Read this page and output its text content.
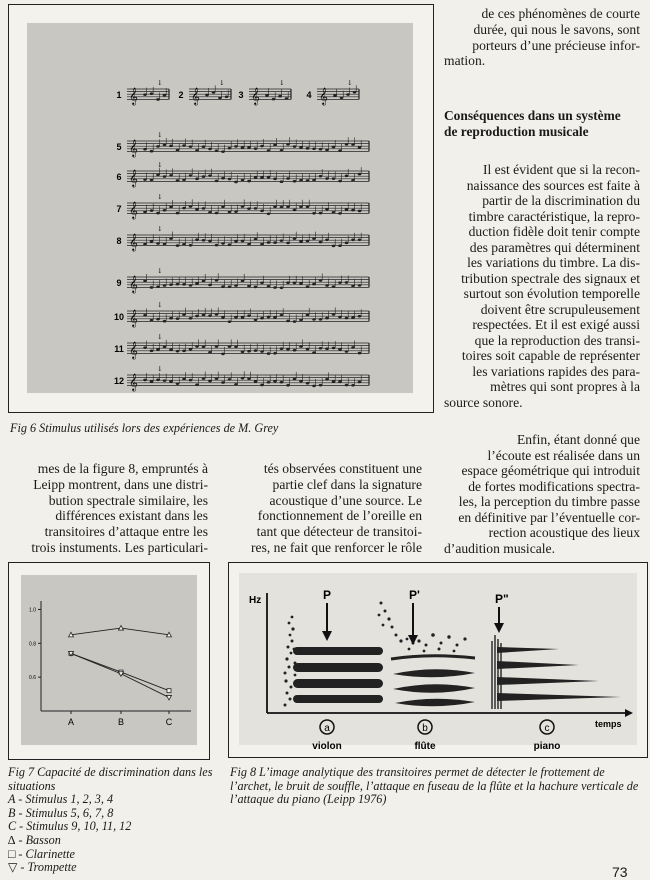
1 𝄞
↓
2 𝄞
↓
3 𝄞
↓
4 𝄞
↓
5 𝄞
↓
6 𝄞
↓
7 𝄞
↓
8 𝄞
↓
9 𝄞
↓
10 𝄞
↓
11 𝄞
↓
12 𝄞
↓
Fig 6 Stimulus utilisés lors des expériences de M. Grey
de ces phénomènes de courte
durée, qui nous le savons, sont
porteurs d’une précieuse infor-
mation.
Conséquences dans un système
de reproduction musicale
Il est évident que si la recon-
naissance des sources est faite à
partir de la discrimination du
timbre caractéristique, la repro-
duction fidèle doit tenir compte
des paramètres qui déterminent
les variations du timbre. La dis-
tribution spectrale des signaux et
surtout son évolution temporelle
doivent être scrupuleusement
respectées. Et il est exigé aussi
que la reproduction des transi-
toires soit capable de représenter
les variations rapides des para-
mètres qui sont propres à la
source sonore.
Enfin, étant donné que
l’écoute est réalisée dans un
espace géométrique qui introduit
de fortes modifications spectra-
les, la perception du timbre passe
en définitive par l’éventuelle cor-
rection acoustique des lieux
d’audition musicale.
mes de la figure 8, empruntés à
Leipp montrent, dans une distri-
bution spectrale similaire, les
différences existant dans les
transitoires d’attaque entre les
trois instuments. Les particulari-
tés observées constituent une
partie clef dans la signature
acoustique d’une source. Le
fonctionnement de l’oreille en
tant que détecteur de transitoi-
res, ne fait que renforcer le rôle
1.0
0.8
0.6
A	B	C
Fig 7 Capacité de discrimination dans les situations
A - Stimulus 1, 2, 3, 4
B - Stimulus 5, 6, 7, 8
C - Stimulus 9, 10, 11, 12
∆ - Basson
□ - Clarinette
▽ - Trompette
Hz
temps
P	P'	P"
a	b	c
violon	flûte	piano
Fig 8 L’image analytique des transitoires permet de détecter le frottement de l’archet, le bruit de souffle, l’attaque en fuseau de la flûte et la hachure verticale de l’attaque du piano (Leipp 1976)
73
